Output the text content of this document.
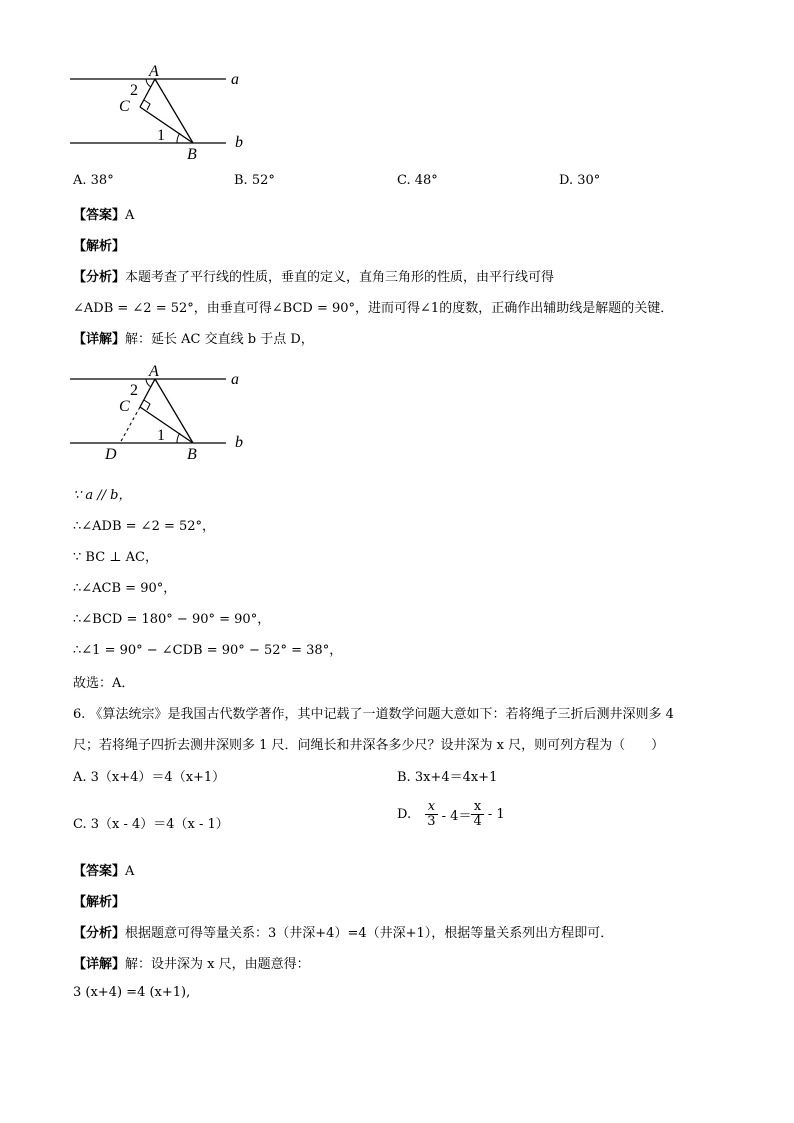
A
2
C
1
B
a
b
A. 38°	B. 52°	C. 48°	D. 30°
【答案】A
【解析】
【分析】本题考查了平行线的性质，垂直的定义，直角三角形的性质，由平行线可得
∠ADB = ∠2 = 52°，由垂直可得∠BCD = 90°，进而可得∠1的度数，正确作出辅助线是解题的关键．
【详解】解：延长 AC 交直线 b 于点 D，
A
2
C
1
D	B
a
b
∵ a // b，
∴∠ADB = ∠2 = 52°，
∵ BC ⊥ AC，
∴∠ACB = 90°，
∴∠BCD = 180° − 90° = 90°，
∴∠1 = 90° − ∠CDB = 90° − 52° = 38°，
故选：A．
6. 《算法统宗》是我国古代数学著作，其中记载了一道数学问题大意如下：若将绳子三折后测井深则多 4
尺；若将绳子四折去测井深则多 1 尺．问绳长和井深各多少尺？设井深为 x 尺，则可列方程为（　　）
A. 3（x+4）＝4（x+1）	B. 3x+4＝4x+1
C. 3（x - 4）＝4（x - 1）
D. $\frac{x}{3} - 4= \frac{x}{4} - 1$
【答案】A
【解析】
【分析】根据题意可得等量关系：3（井深+4）=4（井深+1），根据等量关系列出方程即可．
【详解】解：设井深为 x 尺，由题意得：
3 (x+4) =4 (x+1),
